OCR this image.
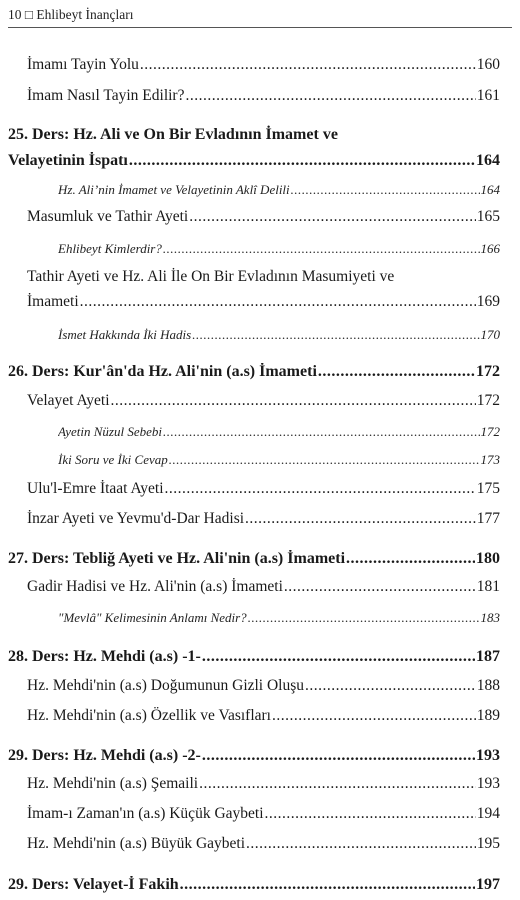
10 □ Ehlibeyt İnançları
İmamı Tayin Yolu .....	160
İmam Nasıl Tayin Edilir? .....	161
25. Ders: Hz. Ali ve On Bir Evladının İmamet ve
Velayetinin İspatı .....	164
Hz. Ali’nin İmamet ve Velayetinin Aklî Delili .....	164
Masumluk ve Tathir Ayeti .....	165
Ehlibeyt Kimlerdir? .....	166
Tathir Ayeti ve Hz. Ali İle On Bir Evladının Masumiyeti ve
İmameti .....	169
İsmet Hakkında İki Hadis .....	170
26. Ders: Kur'ân'da Hz. Ali'nin (a.s) İmameti .....	172
Velayet Ayeti .....	172
Ayetin Nüzul Sebebi .....	172
İki Soru ve İki Cevap .....	173
Ulu'l-Emre İtaat Ayeti .....	175
İnzar Ayeti ve Yevmu'd-Dar Hadisi .....	177
27. Ders: Tebliğ Ayeti ve Hz. Ali'nin (a.s) İmameti .....	180
Gadir Hadisi ve Hz. Ali'nin (a.s) İmameti .....	181
"Mevlâ" Kelimesinin Anlamı Nedir? .....	183
28. Ders: Hz. Mehdi (a.s) -1- .....	187
Hz. Mehdi'nin (a.s) Doğumunun Gizli Oluşu .....	188
Hz. Mehdi'nin (a.s) Özellik ve Vasıfları .....	189
29. Ders: Hz. Mehdi (a.s) -2- .....	193
Hz. Mehdi'nin (a.s) Şemaili .....	193
İmam-ı Zaman'ın (a.s) Küçük Gaybeti .....	194
Hz. Mehdi'nin (a.s) Büyük Gaybeti .....	195
29. Ders: Velayet-İ Fakih .....	197
